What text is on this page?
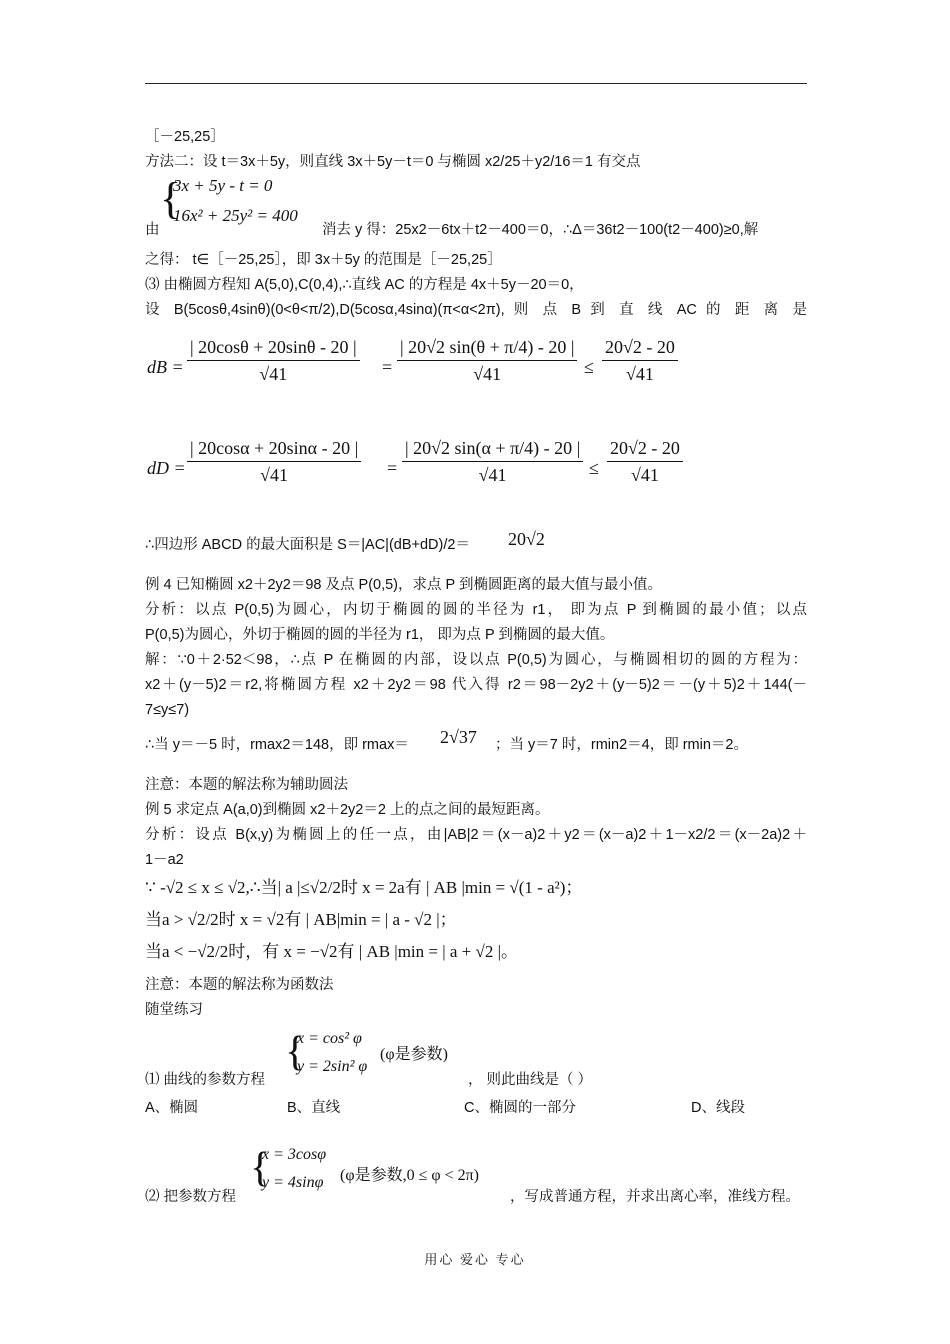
［－25,25］
方法二：设 t＝3x＋5y，则直线 3x＋5y－t＝0 与椭圆 x2/25＋y2/16＝1 有交点
{
3x + 5y - t = 0
16x² + 25y² = 400
由	消去 y 得：25x2－6tx＋t2－400＝0，∴Δ＝36t2－100(t2－400)≥0,解
之得： t∈［－25,25］，即 3x＋5y 的范围是［－25,25］
⑶ 由椭圆方程知 A(5,0),C(0,4),∴直线 AC 的方程是 4x＋5y－20＝0，
设 B(5cosθ,4sinθ)(0<θ<π/2),D(5cosα,4sinα)(π<α<2π), 则 点 B 到 直 线 AC 的 距 离 是
dB = $\frac{| 20\cos\theta + 20\sin\theta - 20 |}{√41} = \frac{| 20√2 \sin(\theta + \pi/4) - 20 |}{√41} \le \frac{20√2 - 20}{√41}$
dD = $\frac{| 20\cos\alpha + 20\sin\alpha - 20 |}{√41} = \frac{| 20√2 \sin(\alpha + \pi/4) - 20 |}{√41} \le \frac{20√2 - 20}{√41}$
∴四边形 ABCD 的最大面积是 S＝|AC|(dB+dD)/2＝ 20√2
例 4 已知椭圆 x2＋2y2＝98 及点 P(0,5)，求点 P 到椭圆距离的最大值与最小值。
分析：以点 P(0,5)为圆心，内切于椭圆的圆的半径为 r1， 即为点 P 到椭圆的最小值；以点
P(0,5)为圆心，外切于椭圆的圆的半径为 r1， 即为点 P 到椭圆的最大值。
解：∵0＋2·52＜98，∴点 P 在椭圆的内部，设以点 P(0,5)为圆心，与椭圆相切的圆的方程为：
x2＋(y－5)2＝r2,将椭圆方程 x2＋2y2＝98 代入得 r2＝98－2y2＋(y－5)2＝－(y＋5)2＋144(－
7≤y≤7)
∴当 y＝－5 时，rmax2＝148，即 rmax＝ 2√37 ；当 y＝7 时，rmin2＝4，即 rmin＝2。
注意：本题的解法称为辅助圆法
例 5 求定点 A(a,0)到椭圆 x2＋2y2＝2 上的点之间的最短距离。
分析：设点 B(x,y)为椭圆上的任一点，由|AB|2＝(x－a)2＋y2＝(x－a)2＋1－x2/2＝(x－2a)2＋
1－a2
∵ -√2 ≤ x ≤ √2,∴当| a |≤√2/2时 x = 2a有 | AB |min = √(1 - a²)；
当a > √2/2时 x = √2有 | AB|min = | a - √2 |；
当a < −√2/2时，有 x = −√2有 | AB |min = | a + √2 |。
注意：本题的解法称为函数法
随堂练习
{
x = cos² φ
y = 2sin² φ
(φ是参数)
⑴ 曲线的参数方程	， 则此曲线是（ ）
A、椭圆	B、直线	C、椭圆的一部分	D、线段
{
x = 3cosφ
y = 4sinφ (φ是参数,0 ≤ φ < 2π)
⑵ 把参数方程	，写成普通方程，并求出离心率，准线方程。
用心 爱心 专心
